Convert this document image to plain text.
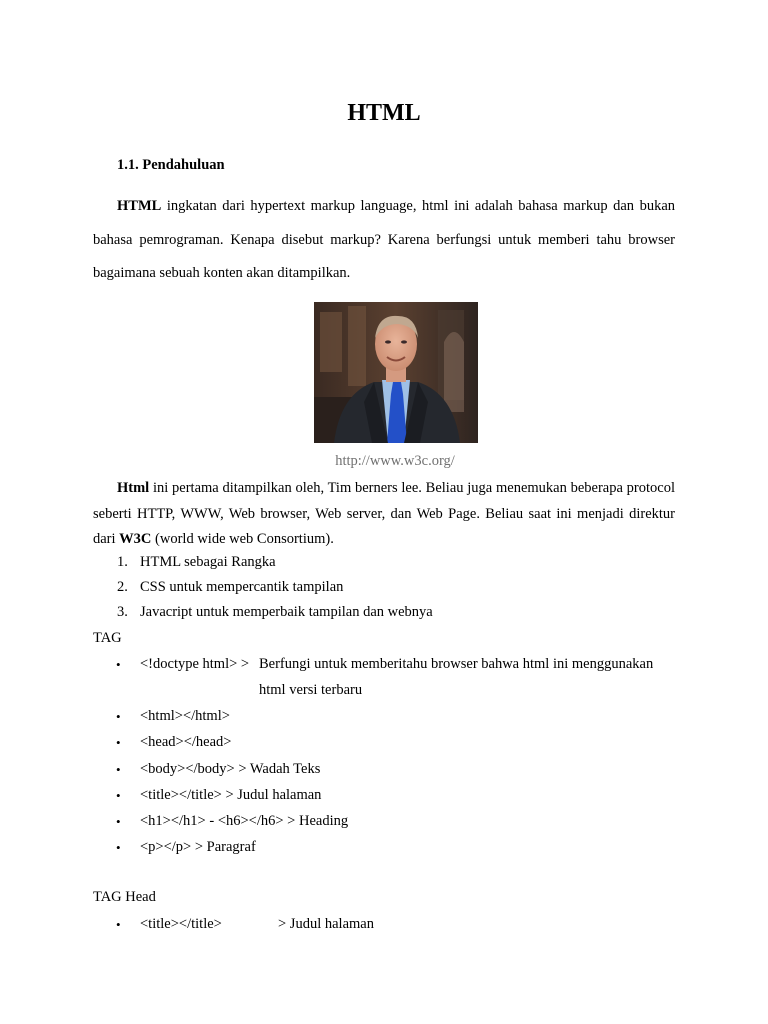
HTML
1.1. Pendahuluan
HTML ingkatan dari hypertext markup language, html ini adalah bahasa markup dan bukan bahasa pemrograman. Kenapa disebut markup? Karena berfungsi untuk memberi tahu browser bagaimana sebuah konten akan ditampilkan.
http://www.w3c.org/
Html ini pertama ditampilkan oleh, Tim berners lee. Beliau juga menemukan beberapa protocol seberti HTTP, WWW, Web browser, Web server, dan Web Page. Beliau saat ini menjadi direktur dari W3C (world wide web Consortium).
1. HTML sebagai Rangka
2. CSS untuk mempercantik tampilan
3. Javacript untuk memperbaik tampilan dan webnya
TAG
• <!doctype html> > Berfungi untuk memberitahu browser bahwa html ini menggunakan
html versi terbaru
• <html></html>
• <head></head>
• <body></body> > Wadah Teks
• <title></title> > Judul halaman
• <h1></h1> - <h6></h6> > Heading
• <p></p> > Paragraf
TAG Head
• <title></title>	> Judul halaman
